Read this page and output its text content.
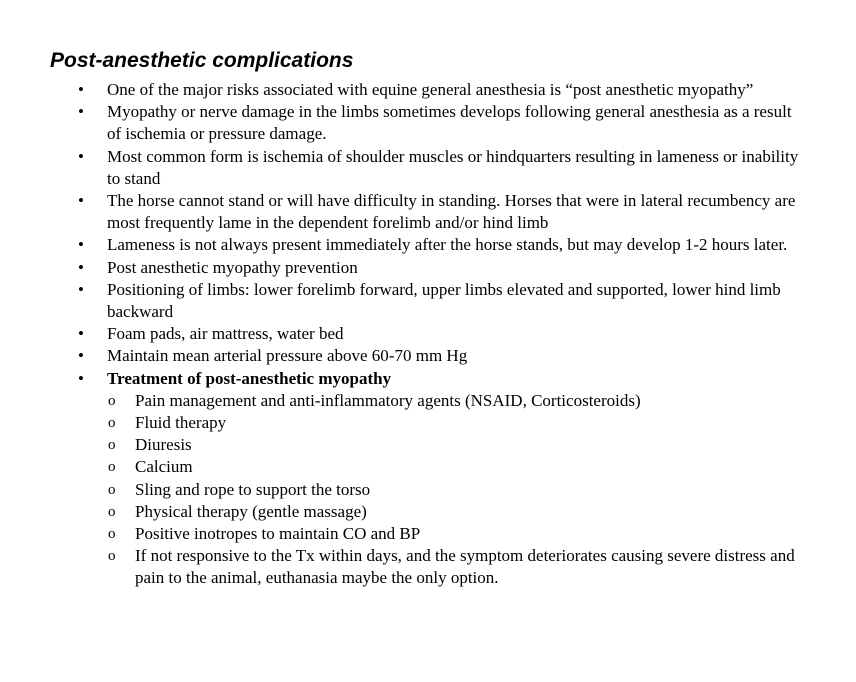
Post-anesthetic complications
• One of the major risks associated with equine general anesthesia is “post anesthetic myopathy”
• Myopathy or nerve damage in the limbs sometimes develops following general anesthesia as a result of ischemia or pressure damage.
• Most common form is ischemia of shoulder muscles or hindquarters resulting in lameness or inability to stand
• The horse cannot stand or will have difficulty in standing. Horses that were in lateral recumbency are most frequently lame in the dependent forelimb and/or hind limb
• Lameness is not always present immediately after the horse stands, but may develop 1-2 hours later.
• Post anesthetic myopathy prevention
• Positioning of limbs: lower forelimb forward, upper limbs elevated and supported, lower hind limb backward
• Foam pads, air mattress, water bed
• Maintain mean arterial pressure above 60-70 mm Hg
• Treatment of post-anesthetic myopathy
o Pain management and anti-inflammatory agents (NSAID, Corticosteroids)
o Fluid therapy
o Diuresis
o Calcium
o Sling and rope to support the torso
o Physical therapy (gentle massage)
o Positive inotropes to maintain CO and BP
o If not responsive to the Tx within days, and the symptom deteriorates causing severe distress and pain to the animal, euthanasia maybe the only option.
